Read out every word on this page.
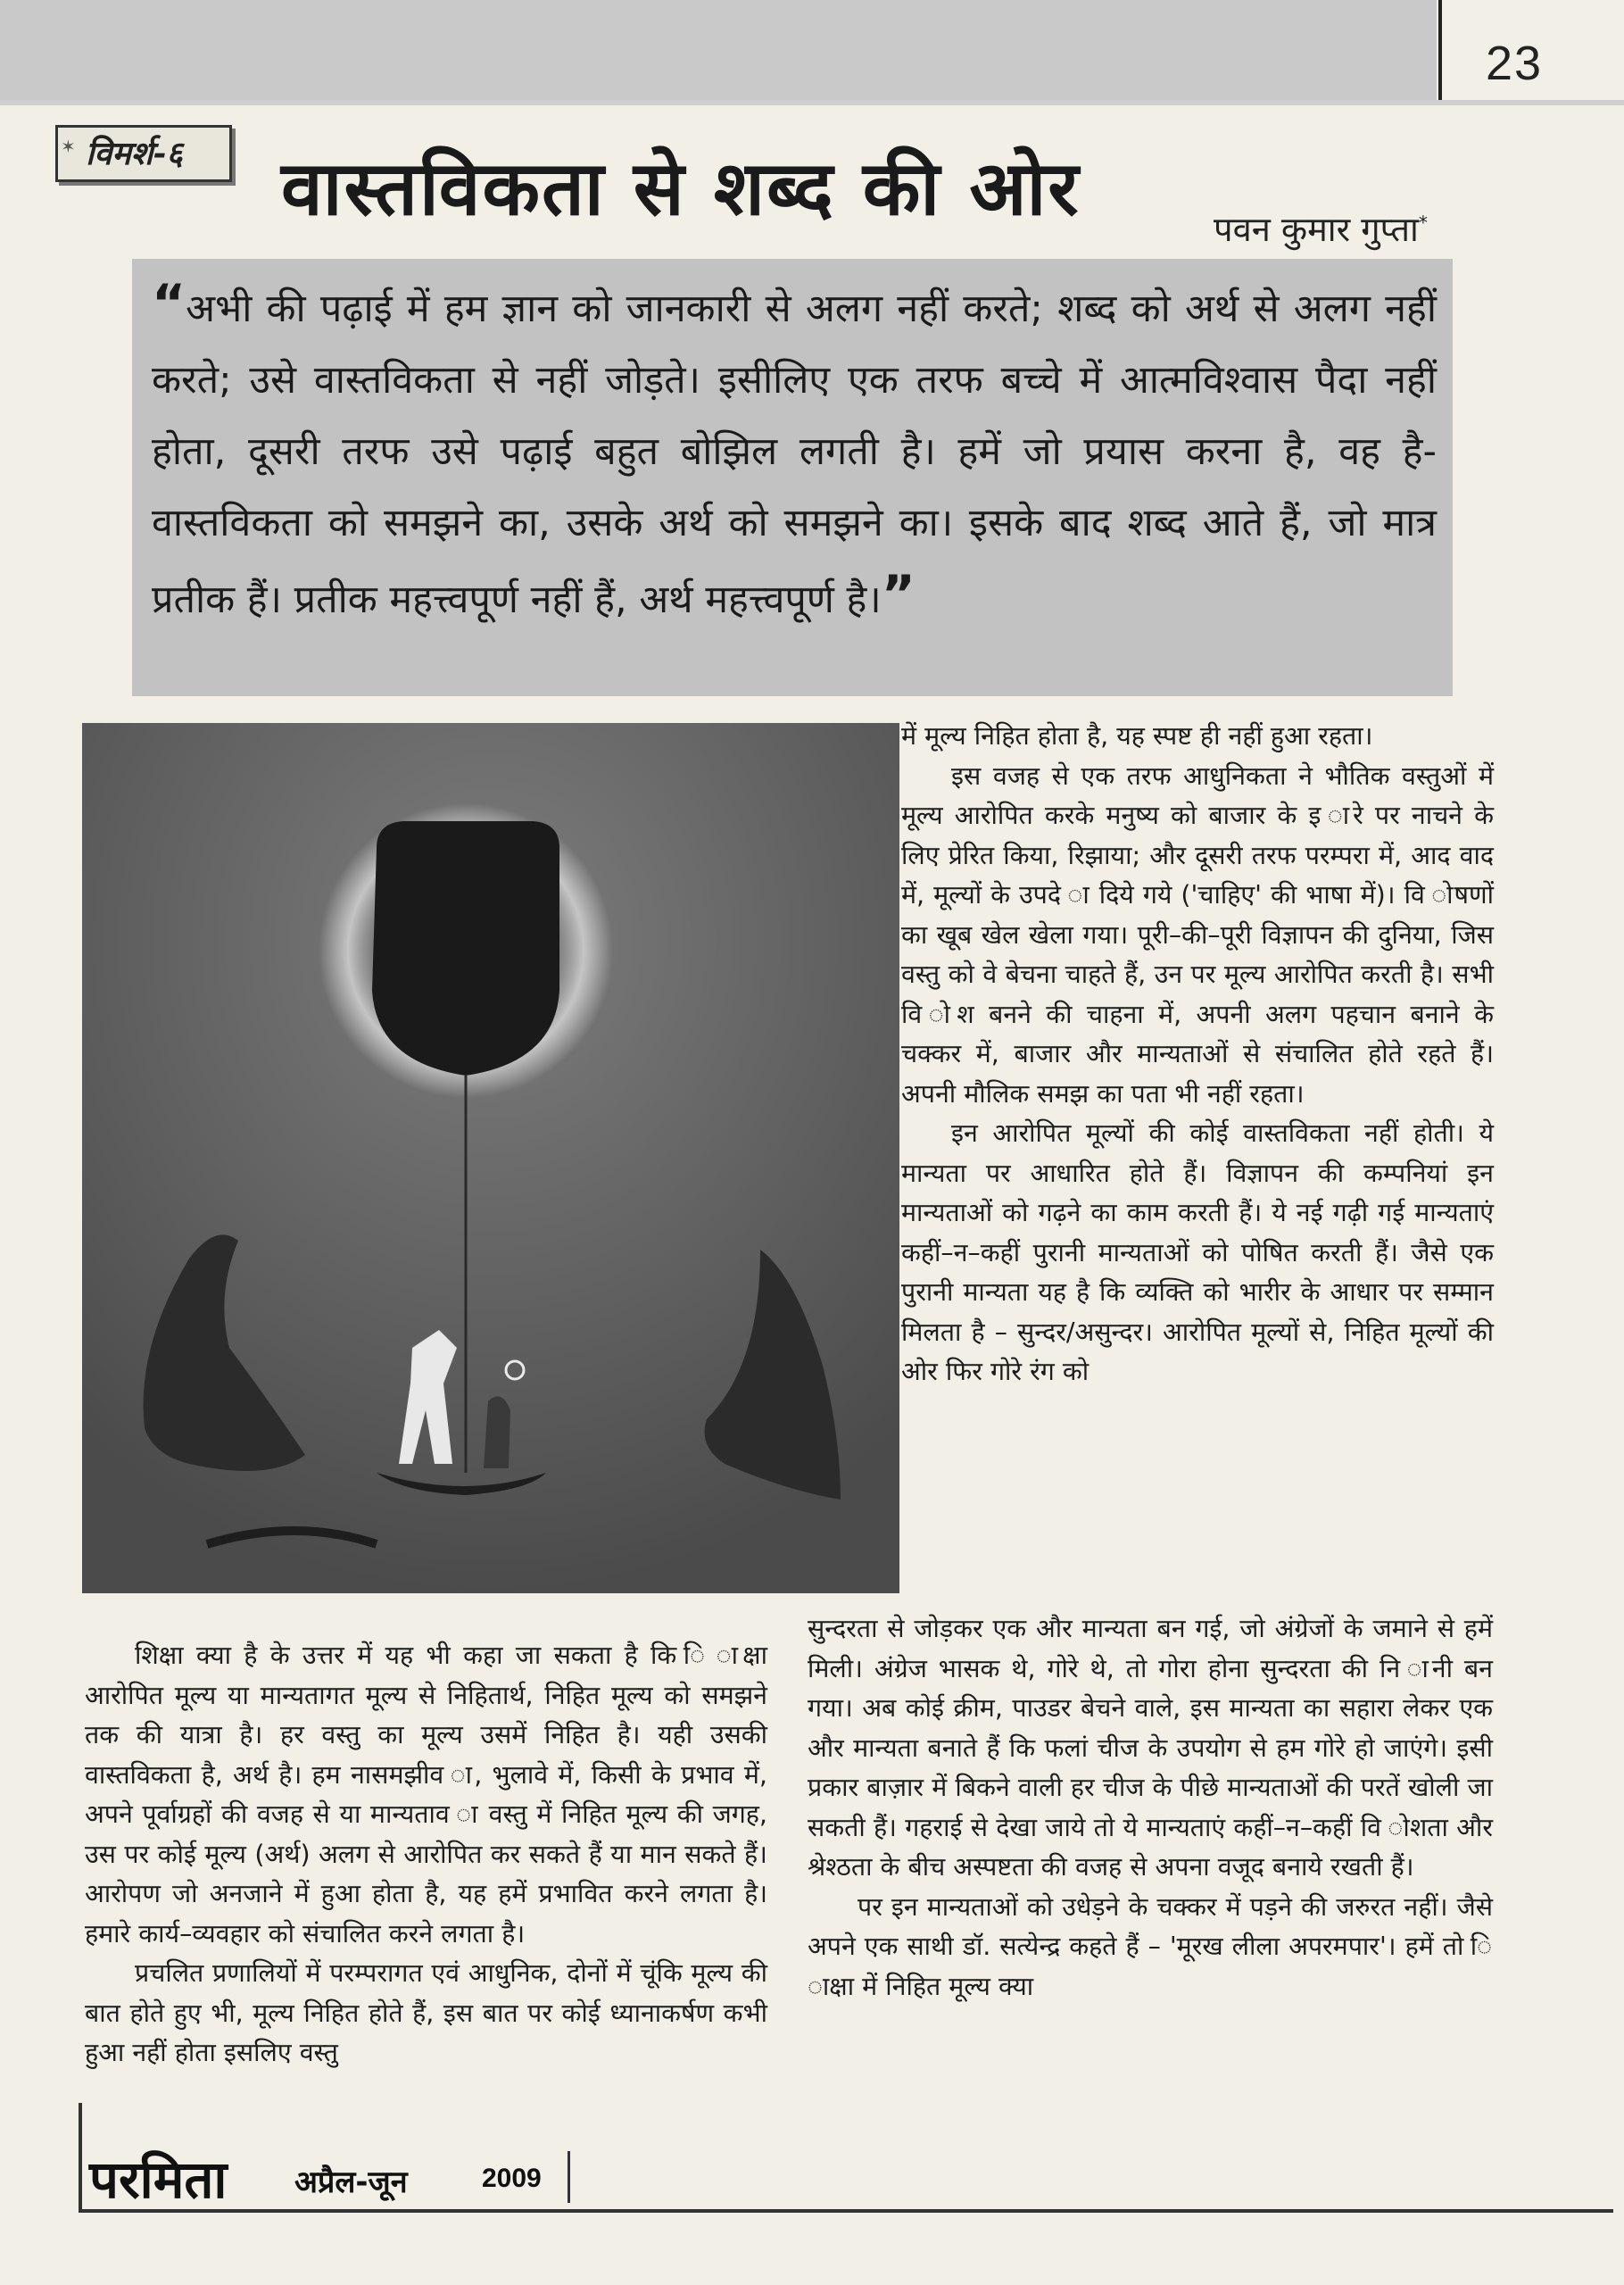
23
✶ विमर्श-६ वास्तविकता से शब्द की ओर	पवन कुमार गुप्ता*
“अभी की पढ़ाई में हम ज्ञान को जानकारी से अलग नहीं करते; शब्द को अर्थ से अलग नहीं करते; उसे वास्तविकता से नहीं जोड़ते। इसीलिए एक तरफ बच्चे में आत्मविश्वास पैदा नहीं होता, दूसरी तरफ उसे पढ़ाई बहुत बोझिल लगती है। हमें जो प्रयास करना है, वह है- वास्तविकता को समझने का, उसके अर्थ को समझने का। इसके बाद शब्द आते हैं, जो मात्र प्रतीक हैं। प्रतीक महत्त्वपूर्ण नहीं हैं, अर्थ महत्त्वपूर्ण है।”

में मूल्य निहित होता है, यह स्पष्ट ही नहीं हुआ रहता।

इस वजह से एक तरफ आधुनिकता ने भौतिक वस्तुओं में मूल्य आरोपित करके मनुष्य को बाजार के इ ारे पर नाचने के लिए प्रेरित किया, रिझाया; और दूसरी तरफ परम्परा में, आद वाद में, मूल्यों के उपदे ा दिये गये ('चाहिए' की भाषा में)। वि ोषणों का खूब खेल खेला गया। पूरी–की–पूरी विज्ञापन की दुनिया, जिस वस्तु को वे बेचना चाहते हैं, उन पर मूल्य आरोपित करती है। सभी वि ोश बनने की चाहना में, अपनी अलग पहचान बनाने के चक्कर में, बाजार और मान्यताओं से संचालित होते रहते हैं। अपनी मौलिक समझ का पता भी नहीं रहता।

इन आरोपित मूल्यों की कोई वास्तविकता नहीं होती। ये मान्यता पर आधारित होते हैं। विज्ञापन की कम्पनियां इन मान्यताओं को गढ़ने का काम करती हैं। ये नई गढ़ी गई मान्यताएं कहीं–न–कहीं पुरानी मान्यताओं को पोषित करती हैं। जैसे एक पुरानी मान्यता यह है कि व्यक्ति को भारीर के आधार पर सम्मान मिलता है – सुन्दर/असुन्दर। आरोपित मूल्यों से, निहित मूल्यों की ओर फिर गोरे रंग को

सुन्दरता से जोड़कर एक और मान्यता बन गई, जो अंग्रेजों के जमाने से हमें मिली। अंग्रेज भासक थे, गोरे थे, तो गोरा होना सुन्दरता की नि ानी बन गया। अब कोई क्रीम, पाउडर बेचने वाले, इस मान्यता का सहारा लेकर एक और मान्यता बनाते हैं कि फलां चीज के उपयोग से हम गोरे हो जाएंगे। इसी प्रकार बाज़ार में बिकने वाली हर चीज के पीछे मान्यताओं की परतें खोली जा सकती हैं। गहराई से देखा जाये तो ये मान्यताएं कहीं–न–कहीं वि ोशता और श्रेश्ठता के बीच अस्पष्टता की वजह से अपना वजूद बनाये रखती हैं।

पर इन मान्यताओं को उधेड़ने के चक्कर में पड़ने की जरुरत नहीं। जैसे अपने एक साथी डॉ. सत्येन्द्र कहते हैं – 'मूरख लीला अपरमपार'। हमें तो ि ाक्षा में निहित मूल्य क्या

शिक्षा क्या है के उत्तर में यह भी कहा जा सकता है कि ि ाक्षा आरोपित मूल्य या मान्यतागत मूल्य से निहितार्थ, निहित मूल्य को समझने तक की यात्रा है। हर वस्तु का मूल्य उसमें निहित है। यही उसकी वास्तविकता है, अर्थ है। हम नासमझीव ा, भुलावे में, किसी के प्रभाव में, अपने पूर्वाग्रहों की वजह से या मान्यताव ा वस्तु में निहित मूल्य की जगह, उस पर कोई मूल्य (अर्थ) अलग से आरोपित कर सकते हैं या मान सकते हैं। आरोपण जो अनजाने में हुआ होता है, यह हमें प्रभावित करने लगता है। हमारे कार्य–व्यवहार को संचालित करने लगता है।

प्रचलित प्रणालियों में परम्परागत एवं आधुनिक, दोनों में चूंकि मूल्य की बात होते हुए भी, मूल्य निहित होते हैं, इस बात पर कोई ध्यानाकर्षण कभी हुआ नहीं होता इसलिए वस्तु

परमिता अप्रैल-जून	2009
